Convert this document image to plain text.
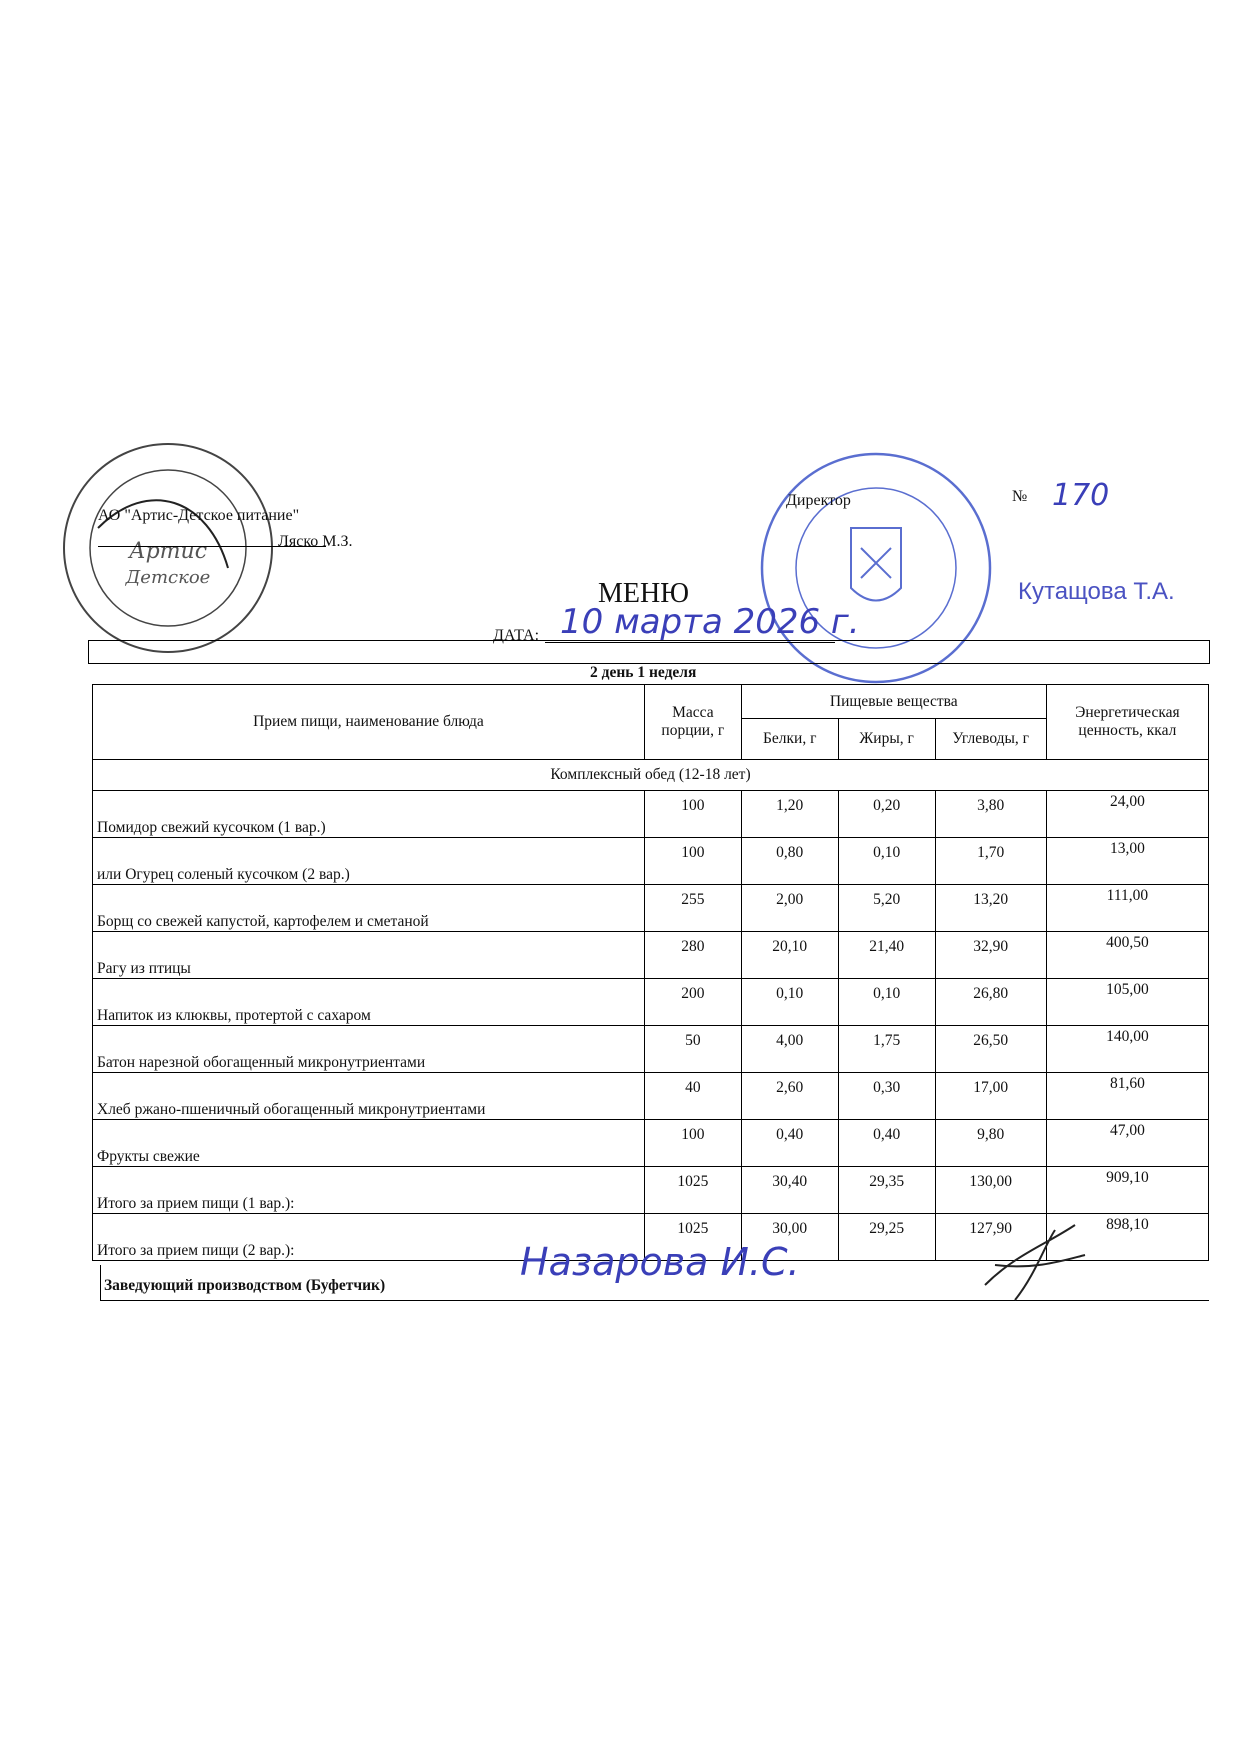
Артис
Детское
АО "Артис-Детское питание"
Ляско М.З.
Директор	№ 170
Кутащова Т.А.
МЕНЮ
ДАТА: 10 марта 2026 г.
2 день 1 неделя
Прием пищи, наименование блюда	Масса порции, г	Пищевые вещества			Энергетическая ценность, ккал
		Белки, г	Жиры, г	Углеводы, г	
Комплексный обед (12-18 лет)					
Помидор свежий кусочком (1 вар.)	100	1,20	0,20	3,80	24,00
или Огурец соленый кусочком (2 вар.)	100	0,80	0,10	1,70	13,00
Борщ со свежей капустой, картофелем и сметаной	255	2,00	5,20	13,20	111,00
Рагу из птицы	280	20,10	21,40	32,90	400,50
Напиток из клюквы, протертой с сахаром	200	0,10	0,10	26,80	105,00
Батон нарезной обогащенный микронутриентами	50	4,00	1,75	26,50	140,00
Хлеб ржано-пшеничный обогащенный микронутриентами	40	2,60	0,30	17,00	81,60
Фрукты свежие	100	0,40	0,40	9,80	47,00
Итого за прием пищи (1 вар.):	1025	30,40	29,35	130,00	909,10
Итого за прием пищи (2 вар.):	1025	30,00	29,25	127,90	898,10
Заведующий производством (Буфетчик)
Назарова И.С.
